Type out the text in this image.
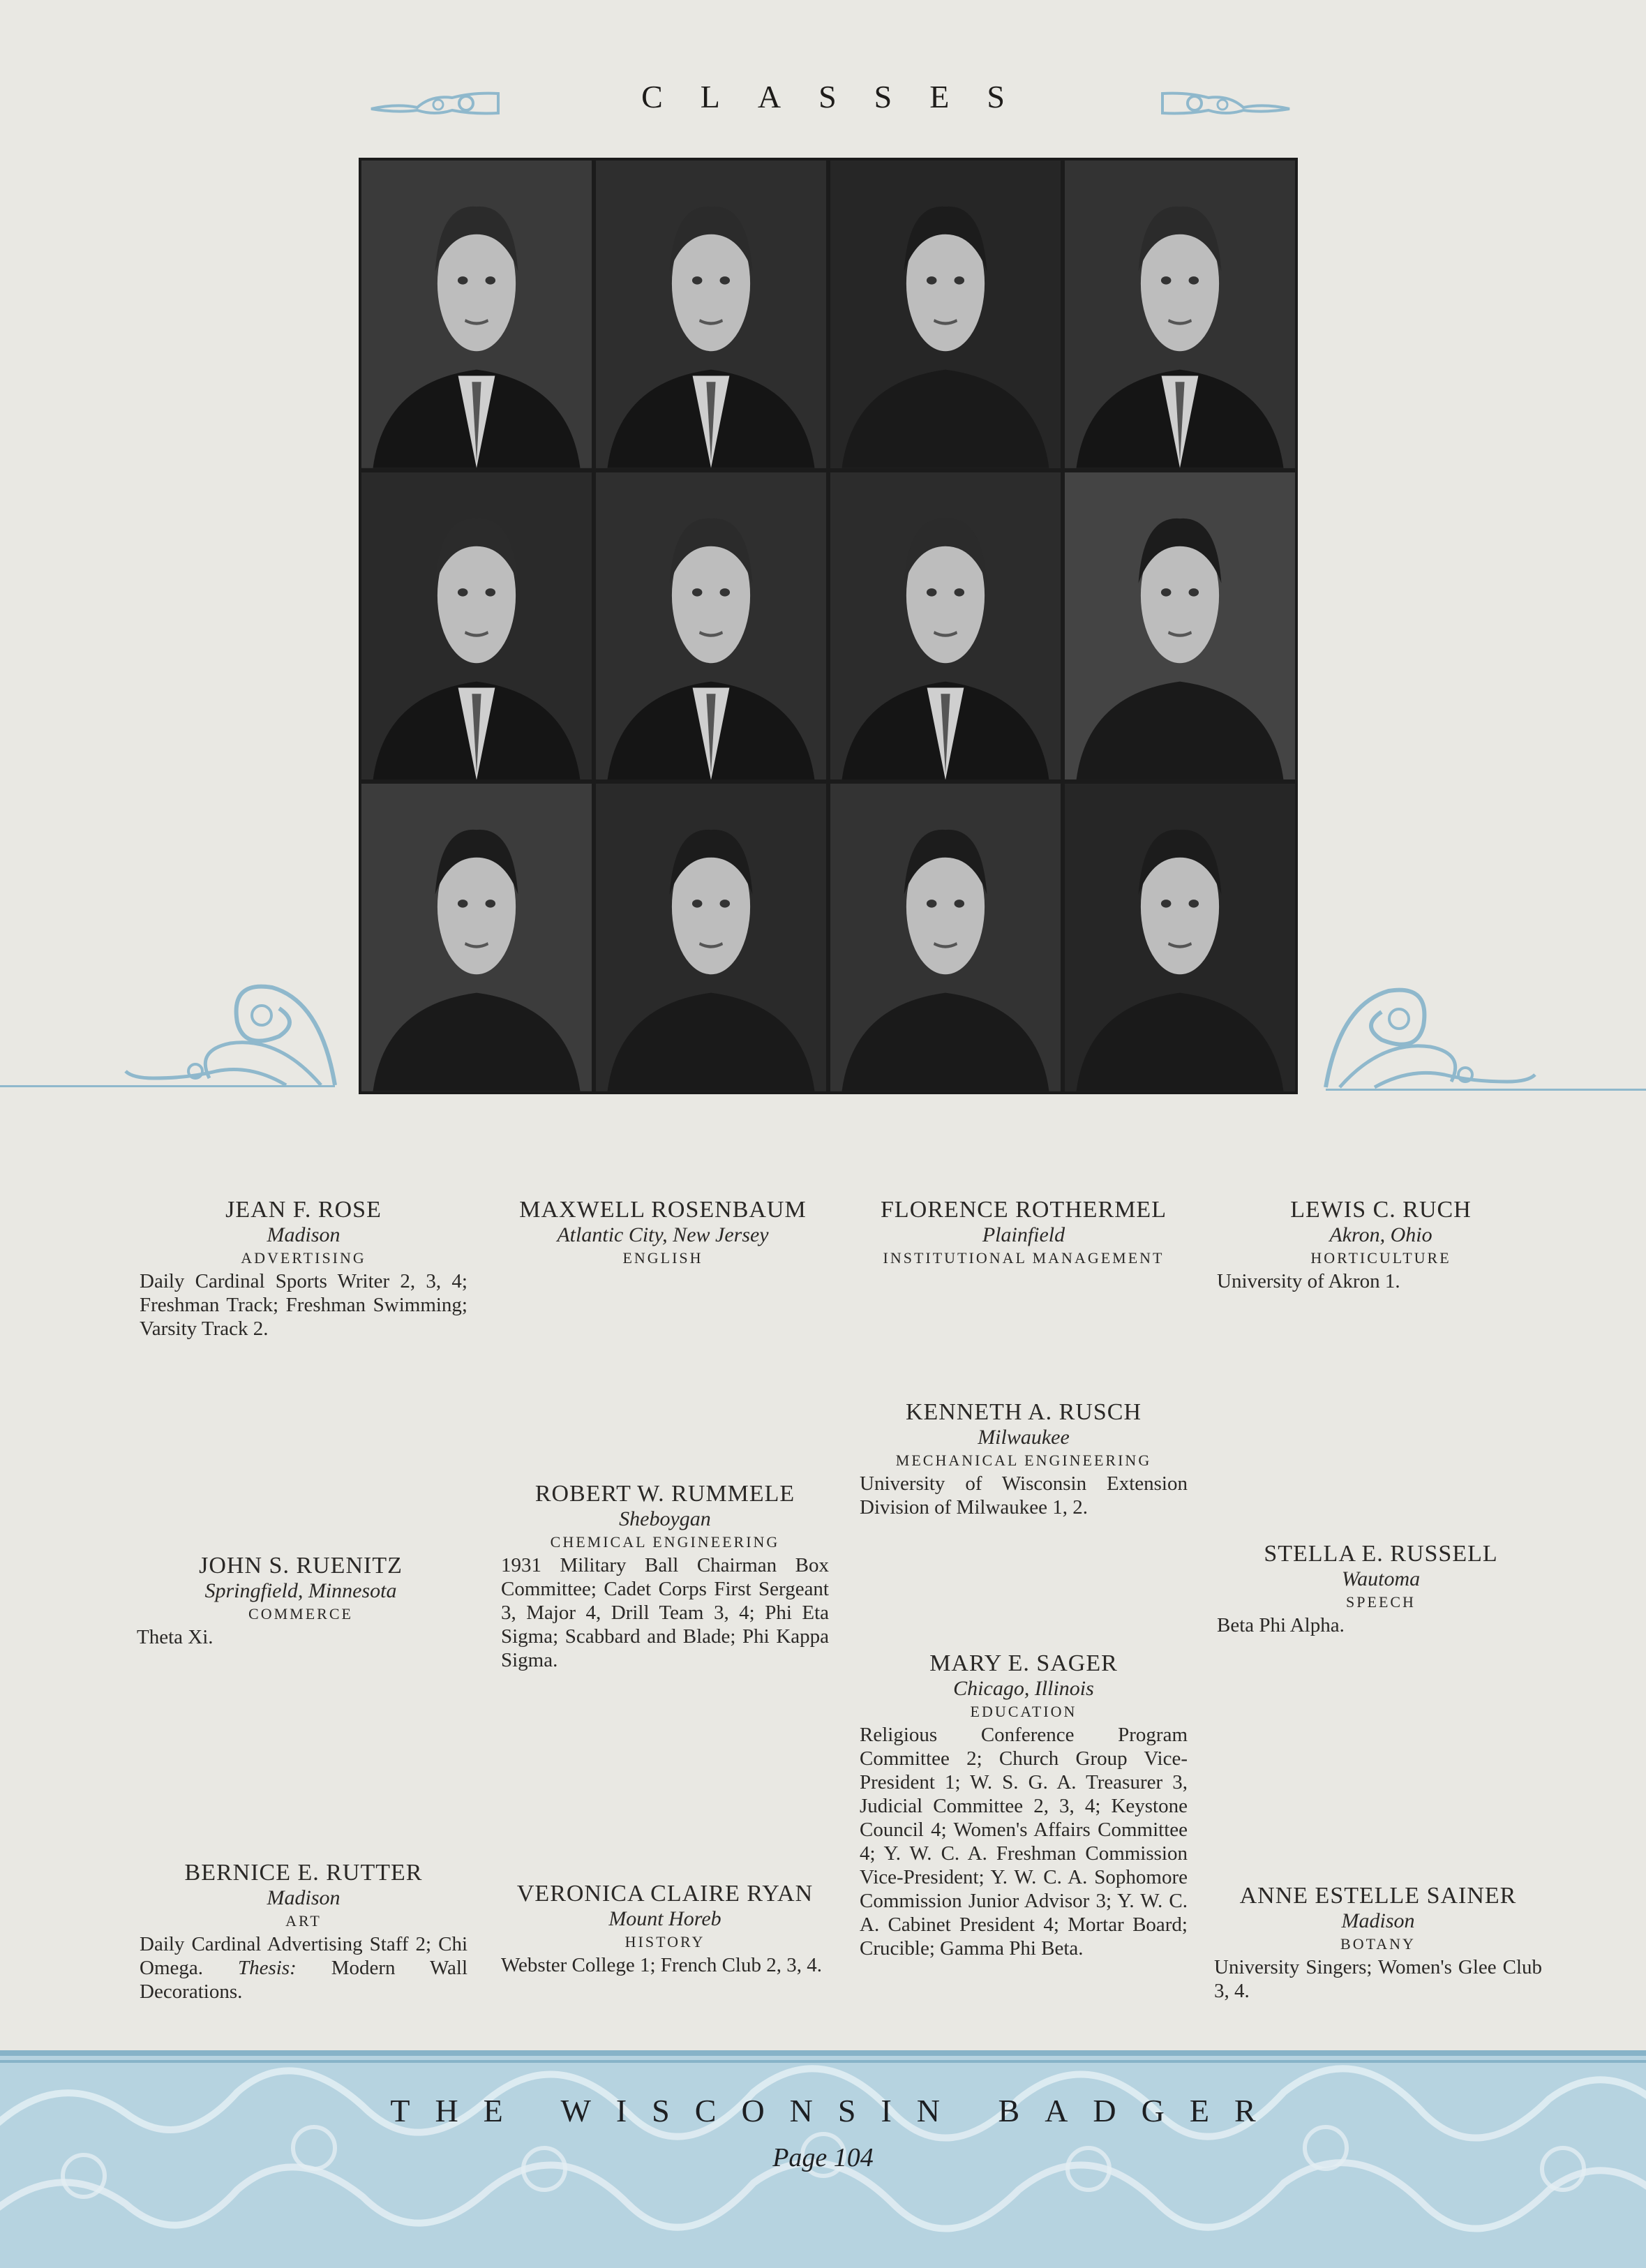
CLASSES
JEAN F. ROSE
Madison
ADVERTISING
Daily Cardinal Sports Writer 2, 3, 4; Freshman Track; Freshman Swimming; Varsity Track 2.
MAXWELL ROSENBAUM
Atlantic City, New Jersey
ENGLISH
FLORENCE ROTHERMEL
Plainfield
INSTITUTIONAL MANAGEMENT
LEWIS C. RUCH
Akron, Ohio
HORTICULTURE
University of Akron 1.
JOHN S. RUENITZ
Springfield, Minnesota
COMMERCE
Theta Xi.
ROBERT W. RUMMELE
Sheboygan
CHEMICAL ENGINEERING
1931 Military Ball Chairman Box Committee; Cadet Corps First Sergeant 3, Major 4, Drill Team 3, 4; Phi Eta Sigma; Scabbard and Blade; Phi Kappa Sigma.
KENNETH A. RUSCH
Milwaukee
MECHANICAL ENGINEERING
University of Wisconsin Extension Division of Milwaukee 1, 2.
STELLA E. RUSSELL
Wautoma
SPEECH
Beta Phi Alpha.
BERNICE E. RUTTER
Madison
ART
Daily Cardinal Advertising Staff 2; Chi Omega. Thesis: Modern Wall Decorations.
VERONICA CLAIRE RYAN
Mount Horeb
HISTORY
Webster College 1; French Club 2, 3, 4.
MARY E. SAGER
Chicago, Illinois
EDUCATION
Religious Conference Program Committee 2; Church Group Vice-President 1; W. S. G. A. Treasurer 3, Judicial Committee 2, 3, 4; Keystone Council 4; Women's Affairs Committee 4; Y. W. C. A. Freshman Commission Vice-President; Y. W. C. A. Sophomore Commission Junior Advisor 3; Y. W. C. A. Cabinet President 4; Mortar Board; Crucible; Gamma Phi Beta.
ANNE ESTELLE SAINER
Madison
BOTANY
University Singers; Women's Glee Club 3, 4.
THE WISCONSIN BADGER
Page 104
